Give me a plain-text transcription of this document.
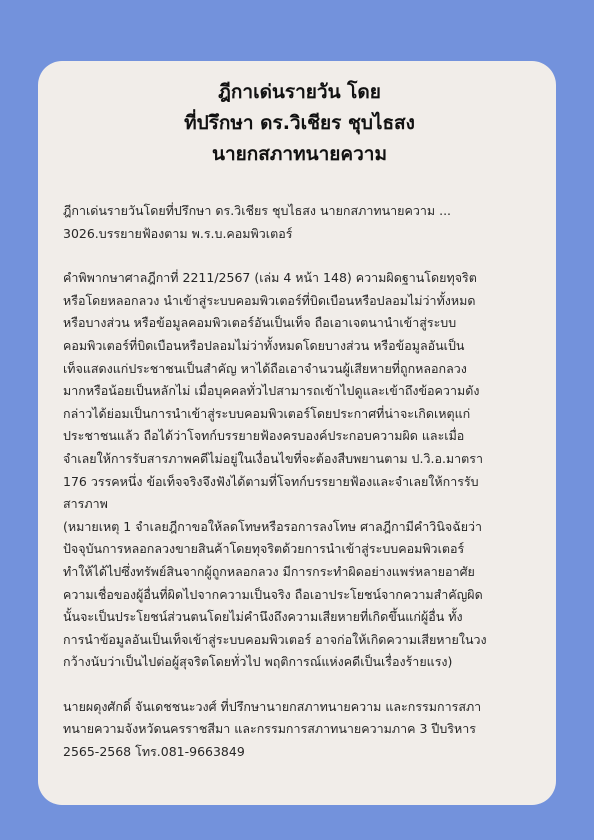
ฎีกาเด่นรายวัน โดย
ที่ปรึกษา ดร.วิเชียร ชุบไธสง
นายกสภาทนายความ
ฎีกาเด่นรายวันโดยที่ปรึกษา ดร.วิเชียร ชุบไธสง นายกสภาทนายความ ...
3026.บรรยายฟ้องตาม พ.ร.บ.คอมพิวเตอร์
คำพิพากษาศาลฎีกาที่ 2211/2567 (เล่ม 4 หน้า 148) ความผิดฐานโดยทุจริต
หรือโดยหลอกลวง นำเข้าสู่ระบบคอมพิวเตอร์ที่บิดเบือนหรือปลอมไม่ว่าทั้งหมด
หรือบางส่วน หรือข้อมูลคอมพิวเตอร์อันเป็นเท็จ ถือเอาเจตนานำเข้าสู่ระบบ
คอมพิวเตอร์ที่บิดเบือนหรือปลอมไม่ว่าทั้งหมดโดยบางส่วน หรือข้อมูลอันเป็น
เท็จแสดงแก่ประชาชนเป็นสำคัญ หาได้ถือเอาจำนวนผู้เสียหายที่ถูกหลอกลวง
มากหรือน้อยเป็นหลักไม่ เมื่อบุคคลทั่วไปสามารถเข้าไปดูและเข้าถึงข้อความดัง
กล่าวได้ย่อมเป็นการนำเข้าสู่ระบบคอมพิวเตอร์โดยประกาศที่น่าจะเกิดเหตุแก่
ประชาชนแล้ว ถือได้ว่าโจทก์บรรยายฟ้องครบองค์ประกอบความผิด และเมื่อ
จำเลยให้การรับสารภาพคดีไม่อยู่ในเงื่อนไขที่จะต้องสืบพยานตาม ป.วิ.อ.มาตรา
176 วรรคหนึ่ง ข้อเท็จจริงจึงฟังได้ตามที่โจทก์บรรยายฟ้องและจำเลยให้การรับ
สารภาพ
(หมายเหตุ 1 จำเลยฎีกาขอให้ลดโทษหรือรอการลงโทษ ศาลฎีกามีคำวินิจฉัยว่า
ปัจจุบันการหลอกลวงขายสินค้าโดยทุจริตด้วยการนำเข้าสู่ระบบคอมพิวเตอร์
ทำให้ได้ไปซึ่งทรัพย์สินจากผู้ถูกหลอกลวง มีการกระทำผิดอย่างแพร่หลายอาศัย
ความเชื่อของผู้อื่นที่ผิดไปจากความเป็นจริง ถือเอาประโยชน์จากความสำคัญผิด
นั้นจะเป็นประโยชน์ส่วนตนโดยไม่คำนึงถึงความเสียหายที่เกิดขึ้นแก่ผู้อื่น ทั้ง
การนำข้อมูลอันเป็นเท็จเข้าสู่ระบบคอมพิวเตอร์ อาจก่อให้เกิดความเสียหายในวง
กว้างนับว่าเป็นไปต่อผู้สุจริตโดยทั่วไป พฤติการณ์แห่งคดีเป็นเรื่องร้ายแรง)
นายผดุงศักดิ์ จันเดชชนะวงศ์ ที่ปรึกษานายกสภาทนายความ และกรรมการสภา
ทนายความจังหวัดนครราชสีมา และกรรมการสภาทนายความภาค 3 ปีบริหาร
2565-2568 โทร.081-9663849
